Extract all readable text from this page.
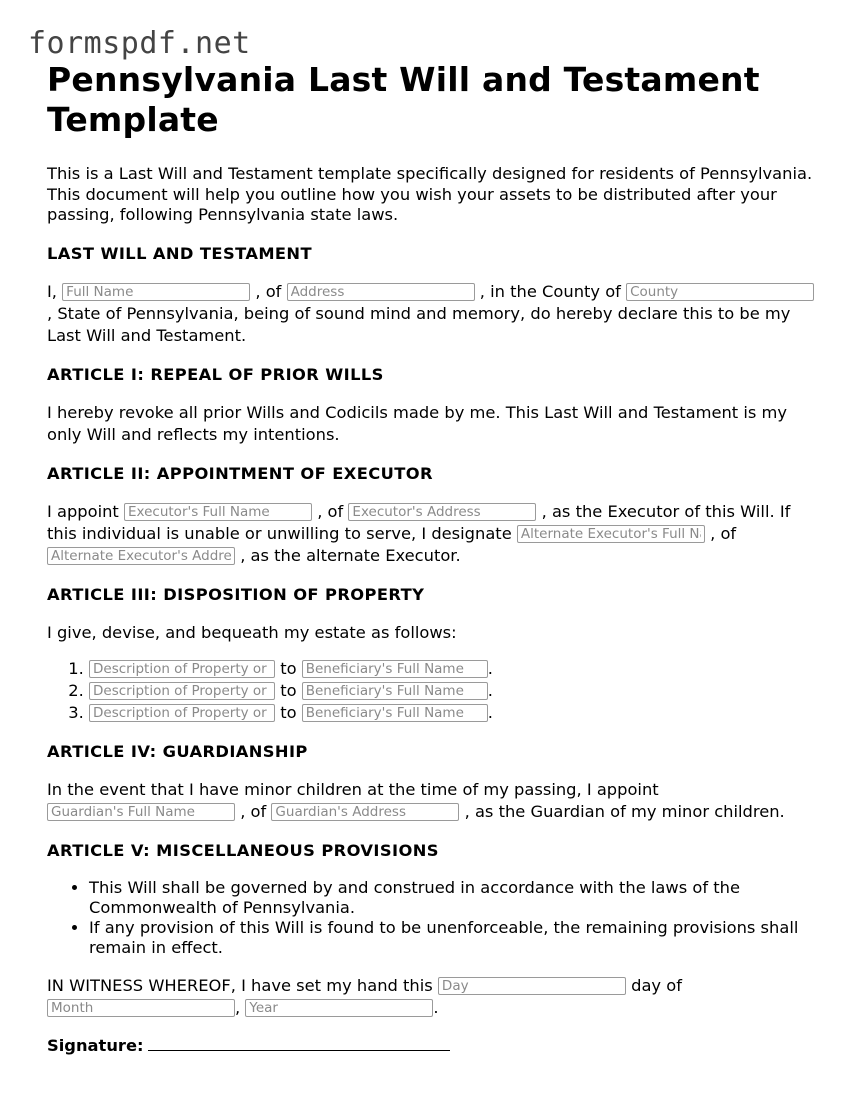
formspdf.net
Pennsylvania Last Will and Testament Template

This is a Last Will and Testament template specifically designed for residents of Pennsylvania. This document will help you outline how you wish your assets to be distributed after your passing, following Pennsylvania state laws.

LAST WILL AND TESTAMENT

I, Full Name	, of Address	, in the County of County , State of Pennsylvania, being of sound mind and memory, do hereby declare this to be my Last Will and Testament.

ARTICLE I: REPEAL OF PRIOR WILLS

I hereby revoke all prior Wills and Codicils made by me. This Last Will and Testament is my only Will and reflects my intentions.

ARTICLE II: APPOINTMENT OF EXECUTOR

I appoint Executor's Full Name	, of Executor's Address	, as the Executor of this Will. If this individual is unable or unwilling to serve, I designate Alternate Executor's Full Name	, of Alternate Executor's Address , as the alternate Executor.

ARTICLE III: DISPOSITION OF PROPERTY

I give, devise, and bequeath my estate as follows:

Description of Property or Asset 1. to Beneficiary's Full Name	.
Description of Property or Asset 2. to Beneficiary's Full Name	.
Description of Property or Asset 3. to Beneficiary's Full Name	.
ARTICLE IV: GUARDIANSHIP

In the event that I have minor children at the time of my passing, I appoint Guardian's Full Name , of Guardian's Address	, as the Guardian of my minor children.

ARTICLE V: MISCELLANEOUS PROVISIONS
• This Will shall be governed by and construed in accordance with the laws of the Commonwealth of Pennsylvania.
• If any provision of this Will is found to be unenforceable, the remaining provisions shall remain in effect.

IN WITNESS WHEREOF, I have set my hand this Day	day of Month, Year	.

Signature:
